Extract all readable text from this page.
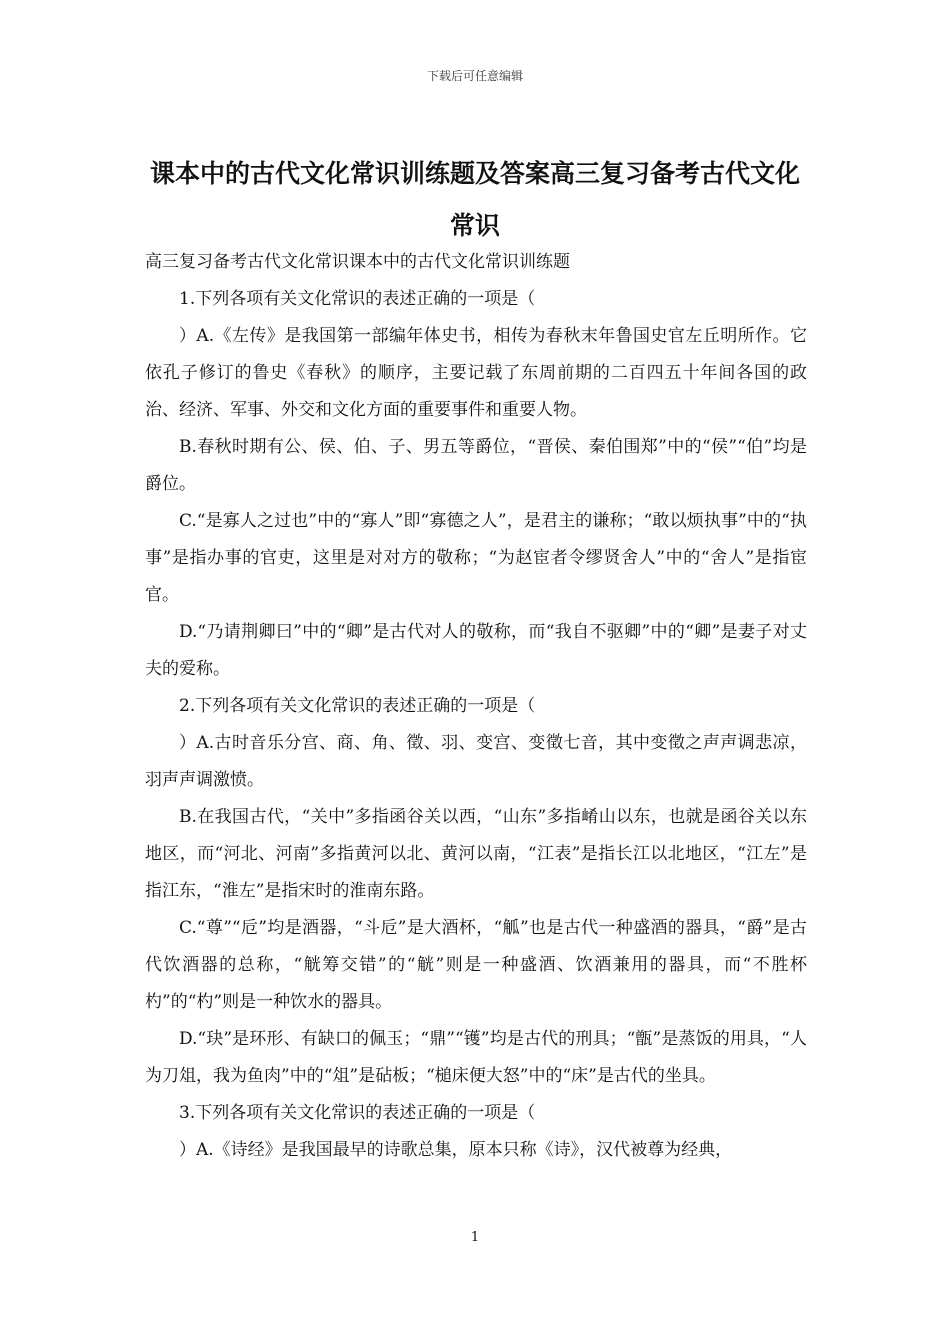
下载后可任意编辑
课本中的古代文化常识训练题及答案高三复习备考古代文化常识

高三复习备考古代文化常识课本中的古代文化常识训练题

1.下列各项有关文化常识的表述正确的一项是（

）A.《左传》是我国第一部编年体史书，相传为春秋末年鲁国史官左丘明所作。它依孔子修订的鲁史《春秋》的顺序，主要记载了东周前期的二百四五十年间各国的政治、经济、军事、外交和文化方面的重要事件和重要人物。

B.春秋时期有公、侯、伯、子、男五等爵位，“晋侯、秦伯围郑”中的“侯”“伯”均是爵位。

C.“是寡人之过也”中的“寡人”即“寡德之人”，是君主的谦称；“敢以烦执事”中的“执事”是指办事的官吏，这里是对对方的敬称；“为赵宦者令缪贤舍人”中的“舍人”是指宦官。

D.“乃请荆卿曰”中的“卿”是古代对人的敬称，而“我自不驱卿”中的“卿”是妻子对丈夫的爱称。

2.下列各项有关文化常识的表述正确的一项是（

）A.古时音乐分宫、商、角、徵、羽、变宫、变徵七音，其中变徵之声声调悲凉，羽声声调激愤。

B.在我国古代，“关中”多指函谷关以西，“山东”多指崤山以东，也就是函谷关以东地区，而“河北、河南”多指黄河以北、黄河以南，“江表”是指长江以北地区，“江左”是指江东，“淮左”是指宋时的淮南东路。

C.“尊”“卮”均是酒器，“斗卮”是大酒杯，“觚”也是古代一种盛酒的器具，“爵”是古代饮酒器的总称，“觥筹交错”的“觥”则是一种盛酒、饮酒兼用的器具，而“不胜杯杓”的“杓”则是一种饮水的器具。

D.“玦”是环形、有缺口的佩玉；“鼎”“镬”均是古代的刑具；“甑”是蒸饭的用具，“人为刀俎，我为鱼肉”中的“俎”是砧板；“槌床便大怒”中的“床”是古代的坐具。

3.下列各项有关文化常识的表述正确的一项是（

）A.《诗经》是我国最早的诗歌总集，原本只称《诗》，汉代被尊为经典，

1
